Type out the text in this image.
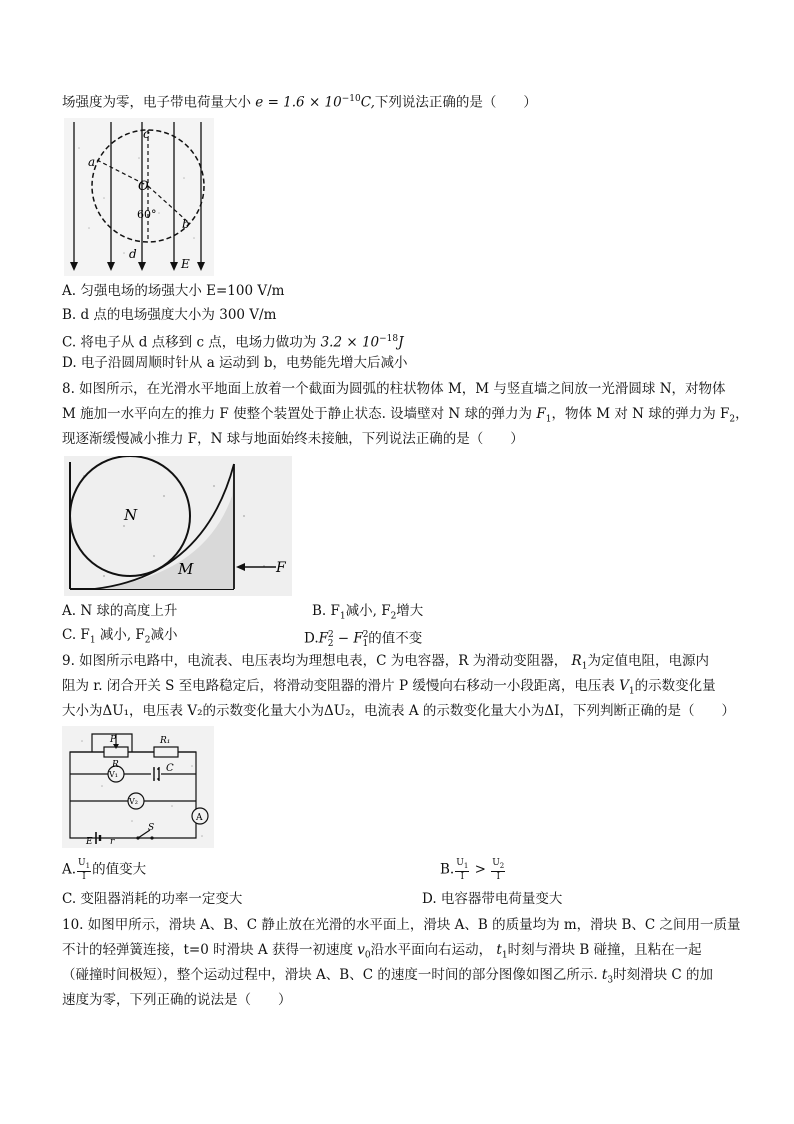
场强度为零，电子带电荷量大小 $e = 1.6 \times 10^{-10}C$,下列说法正确的是（　　）
c
a
O
60°
b
d
E
A. 匀强电场的场强大小 E=100 V/m
B. d 点的电场强度大小为 300 V/m
C. 将电子从 d 点移到 c 点，电场力做功为 $3.2 \times 10^{-18}J$
D. 电子沿圆周顺时针从 a 运动到 b，电势能先增大后减小
8. 如图所示，在光滑水平地面上放着一个截面为圆弧的柱状物体 M，M 与竖直墙之间放一光滑圆球 N，对物体
M 施加一水平向左的推力 F 使整个装置处于静止状态. 设墙壁对 N 球的弹力为 $F_1$，物体 M 对 N 球的弹力为 $F_2$，
现逐渐缓慢减小推力 F，N 球与地面始终未接触，下列说法正确的是（　　）
N
M	F
A. N 球的高度上升	B. $F_1$减小, $F_2$增大
C. $F_1$ 减小, $F_2$减小	$D.F^2_2 - F^2_1$的值不变
9. 如图所示电路中，电流表、电压表均为理想电表，C 为电容器，R 为滑动变阻器， $R_1$为定值电阻，电源内
阻为 r. 闭合开关 S 至电路稳定后，将滑动变阻器的滑片 P 缓慢向右移动一小段距离，电压表 $V_1$的示数变化量
大小为ΔU₁，电压表 V₂的示数变化量大小为ΔU₂，电流表 A 的示数变化量大小为ΔI，下列判断正确的是（　　）
P
R
R₁
C
V₁
V₂
A
E r
S
A. $\frac{U_1}{I}$ 的值变大	B. $\frac{U_1}{I} > \frac{U_2}{I}$
C. 变阻器消耗的功率一定变大	D. 电容器带电荷量变大
10. 如图甲所示，滑块 A、B、C 静止放在光滑的水平面上，滑块 A、B 的质量均为 m，滑块 B、C 之间用一质量
不计的轻弹簧连接，t=0 时滑块 A 获得一初速度 $v_0$沿水平面向右运动， $t_1$时刻与滑块 B 碰撞，且粘在一起
（碰撞时间极短），整个运动过程中，滑块 A、B、C 的速度一时间的部分图像如图乙所示. $t_3$时刻滑块 C 的加
速度为零，下列正确的说法是（　　）
